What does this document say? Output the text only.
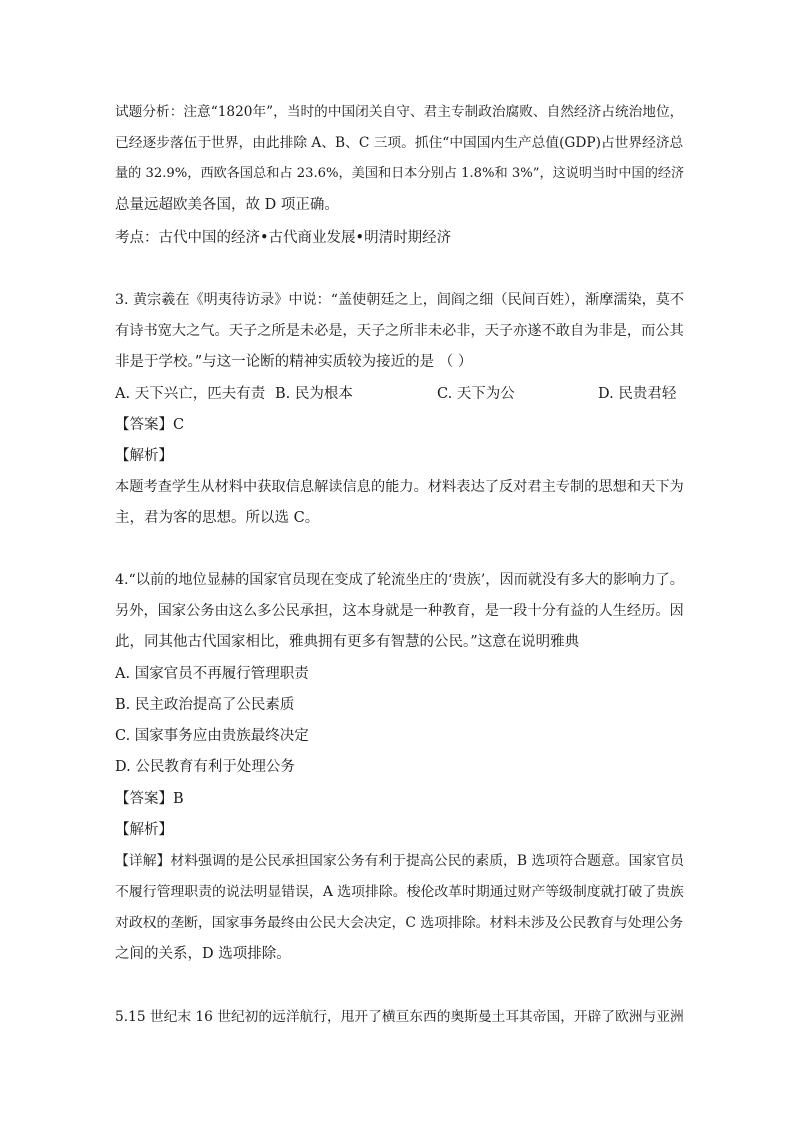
试题分析：注意“1820年”，当时的中国闭关自守、君主专制政治腐败、自然经济占统治地位，
已经逐步落伍于世界，由此排除 A、B、C 三项。抓住“中国国内生产总值(GDP)占世界经济总
量的 32.9%，西欧各国总和占 23.6%，美国和日本分别占 1.8%和 3%”，这说明当时中国的经济
总量远超欧美各国，故 D 项正确。
考点：古代中国的经济•古代商业发展•明清时期经济
3. 黄宗羲在《明夷待访录》中说：“盖使朝廷之上，闾阎之细（民间百姓），渐摩濡染，莫不
有诗书宽大之气。天子之所是未必是，天子之所非未必非，天子亦遂不敢自为非是，而公其
非是于学校。”与这一论断的精神实质较为接近的是 （ ）
A. 天下兴亡，匹夫有责 B. 民为根本	C. 天下为公	D. 民贵君轻
【答案】C
【解析】
本题考查学生从材料中获取信息解读信息的能力。材料表达了反对君主专制的思想和天下为
主，君为客的思想。所以选 C。
4.“以前的地位显赫的国家官员现在变成了轮流坐庄的‘贵族’，因而就没有多大的影响力了。
另外，国家公务由这么多公民承担，这本身就是一种教育，是一段十分有益的人生经历。因
此，同其他古代国家相比，雅典拥有更多有智慧的公民。”这意在说明雅典
A. 国家官员不再履行管理职责
B. 民主政治提高了公民素质
C. 国家事务应由贵族最终决定
D. 公民教育有利于处理公务
【答案】B
【解析】
【详解】材料强调的是公民承担国家公务有利于提高公民的素质，B 选项符合题意。国家官员
不履行管理职责的说法明显错误，A 选项排除。梭伦改革时期通过财产等级制度就打破了贵族
对政权的垄断，国家事务最终由公民大会决定，C 选项排除。材料未涉及公民教育与处理公务
之间的关系，D 选项排除。
5.15 世纪末 16 世纪初的远洋航行，甩开了横亘东西的奥斯曼土耳其帝国，开辟了欧洲与亚洲
